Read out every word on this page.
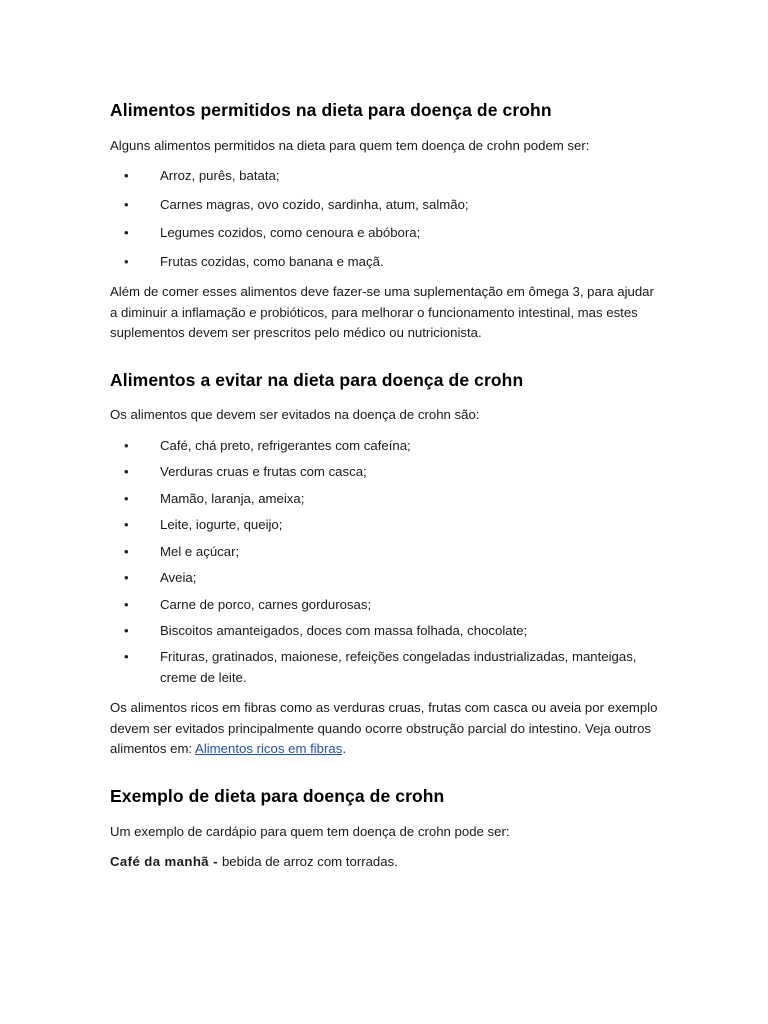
Alimentos permitidos na dieta para doença de crohn

Alguns alimentos permitidos na dieta para quem tem doença de crohn podem ser:

• Arroz, purês, batata;
• Carnes magras, ovo cozido, sardinha, atum, salmão;
• Legumes cozidos, como cenoura e abóbora;
• Frutas cozidas, como banana e maçã.

Além de comer esses alimentos deve fazer-se uma suplementação em ômega 3, para ajudar a diminuir a inflamação e probióticos, para melhorar o funcionamento intestinal, mas estes suplementos devem ser prescritos pelo médico ou nutricionista.

Alimentos a evitar na dieta para doença de crohn

Os alimentos que devem ser evitados na doença de crohn são:

• Café, chá preto, refrigerantes com cafeína;
• Verduras cruas e frutas com casca;
• Mamão, laranja, ameixa;
• Leite, iogurte, queijo;
• Mel e açúcar;
• Aveia;
• Carne de porco, carnes gordurosas;
• Biscoitos amanteigados, doces com massa folhada, chocolate;
• Frituras, gratinados, maionese, refeições congeladas industrializadas, manteigas, creme de leite.

Os alimentos ricos em fibras como as verduras cruas, frutas com casca ou aveia por exemplo devem ser evitados principalmente quando ocorre obstrução parcial do intestino. Veja outros alimentos em: Alimentos ricos em fibras.

Exemplo de dieta para doença de crohn

Um exemplo de cardápio para quem tem doença de crohn pode ser:

Café da manhã - bebida de arroz com torradas.
